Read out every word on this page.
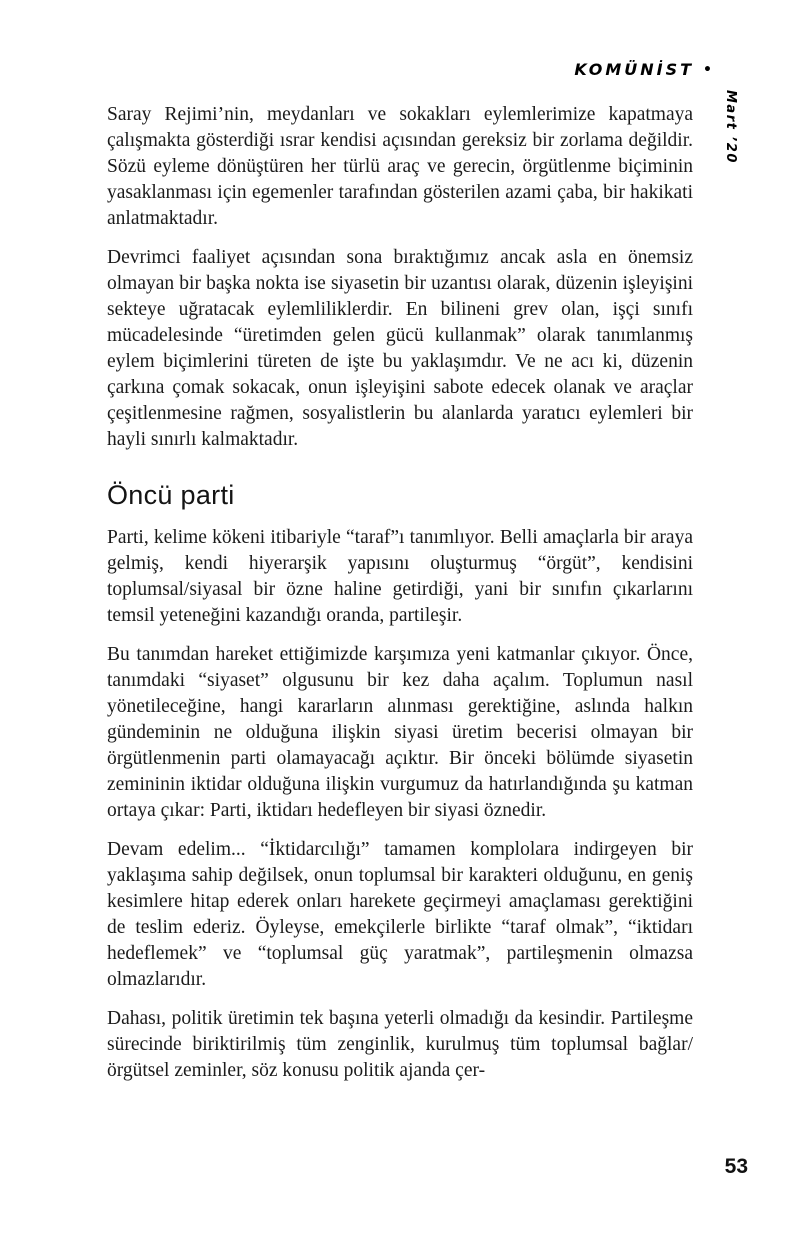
KOMÜNİST •
Mart ’20

Saray Rejimi’nin, meydanları ve sokakları eylemlerimize kapatmaya çalışmakta gösterdiği ısrar kendisi açısından gereksiz bir zorlama değildir. Sözü eyleme dönüştüren her türlü araç ve gerecin, örgütlenme biçiminin yasaklanması için egemenler tarafından gösterilen azami çaba, bir hakikati anlatmaktadır.

Devrimci faaliyet açısından sona bıraktığımız ancak asla en önemsiz olmayan bir başka nokta ise siyasetin bir uzantısı olarak, düzenin işleyişini sekteye uğratacak eylemliliklerdir. En bilineni grev olan, işçi sınıfı mücadelesinde “üretimden gelen gücü kullanmak” olarak tanımlanmış eylem biçimlerini türeten de işte bu yaklaşımdır. Ve ne acı ki, düzenin çarkına çomak sokacak, onun işleyişini sabote edecek olanak ve araçlar çeşitlenmesine rağmen, sosyalistlerin bu alanlarda yaratıcı eylemleri bir hayli sınırlı kalmaktadır.

Öncü parti

Parti, kelime kökeni itibariyle “taraf”ı tanımlıyor. Belli amaçlarla bir araya gelmiş, kendi hiyerarşik yapısını oluşturmuş “örgüt”, kendisini toplumsal/siyasal bir özne haline getirdiği, yani bir sınıfın çıkarlarını temsil yeteneğini kazandığı oranda, partileşir.

Bu tanımdan hareket ettiğimizde karşımıza yeni katmanlar çıkıyor. Önce, tanımdaki “siyaset” olgusunu bir kez daha açalım. Toplumun nasıl yönetileceğine, hangi kararların alınması gerektiğine, aslında halkın gündeminin ne olduğuna ilişkin siyasi üretim becerisi olmayan bir örgütlenmenin parti olamayacağı açıktır. Bir önceki bölümde siyasetin zemininin iktidar olduğuna ilişkin vurgumuz da hatırlandığında şu katman ortaya çıkar: Parti, iktidarı hedefleyen bir siyasi öznedir.

Devam edelim... “İktidarcılığı” tamamen komplolara indirgeyen bir yaklaşıma sahip değilsek, onun toplumsal bir karakteri olduğunu, en geniş kesimlere hitap ederek onları harekete geçirmeyi amaçlaması gerektiğini de teslim ederiz. Öyleyse, emekçilerle birlikte “taraf olmak”, “iktidarı hedeflemek” ve “toplumsal güç yaratmak”, partileşmenin olmazsa olmazlarıdır.

Dahası, politik üretimin tek başına yeterli olmadığı da kesindir. Partileşme sürecinde biriktirilmiş tüm zenginlik, kurulmuş tüm toplumsal bağlar/örgütsel zeminler, söz konusu politik ajanda çer-

53
